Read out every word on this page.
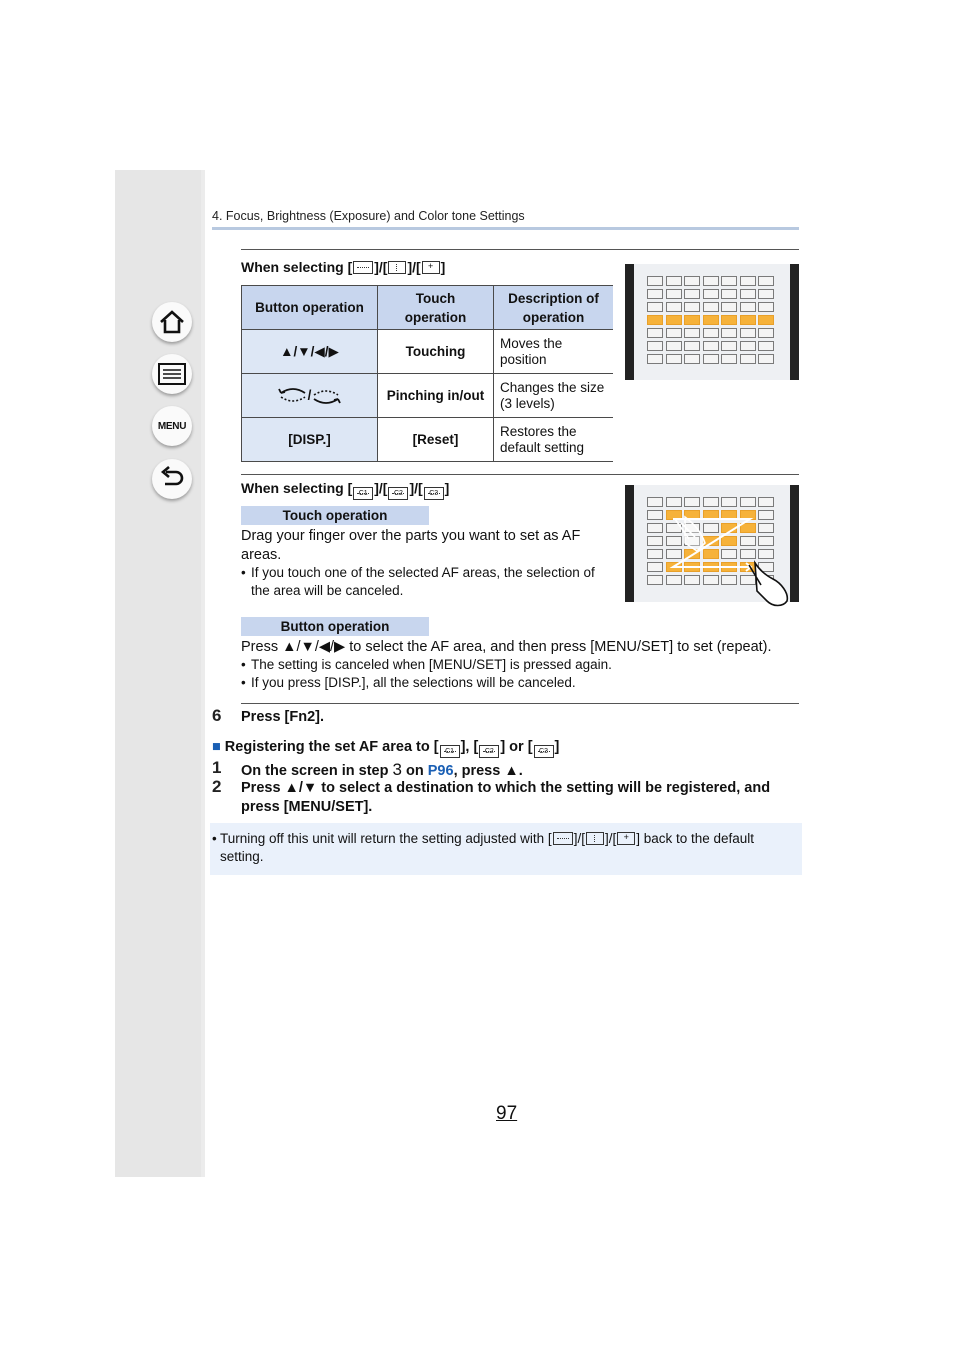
MENU
4. Focus, Brightness (Exposure) and Color tone Settings
When selecting [ ]/[ ]/[ + ]
Button operation	Touch operation	Description of operation
▲/▼/◀/▶	Touching	Moves the position
/	Pinching in/out	Changes the size (3 levels)
[DISP.]	[Reset]	Restores the default setting
When selecting [ C1 ]/[ C2 ]/[ C3 ]
Touch operation
Drag your finger over the parts you want to set as AF areas.
• If you touch one of the selected AF areas, the selection of the area will be canceled.
Button operation
Press ▲/▼/◀/▶ to select the AF area, and then press [MENU/SET] to set (repeat).
• The setting is canceled when [MENU/SET] is pressed again.
• If you press [DISP.], all the selections will be canceled.
6 Press [Fn2].
■ Registering the set AF area to [ C1 ], [ C2 ] or [ C3 ]
1 On the screen in step 3 on P96, press ▲.
2 Press ▲/▼ to select a destination to which the setting will be registered, and press [MENU/SET].
• Turning off this unit will return the setting adjusted with [ ]/[ ]/[ + ] back to the default setting.
97
